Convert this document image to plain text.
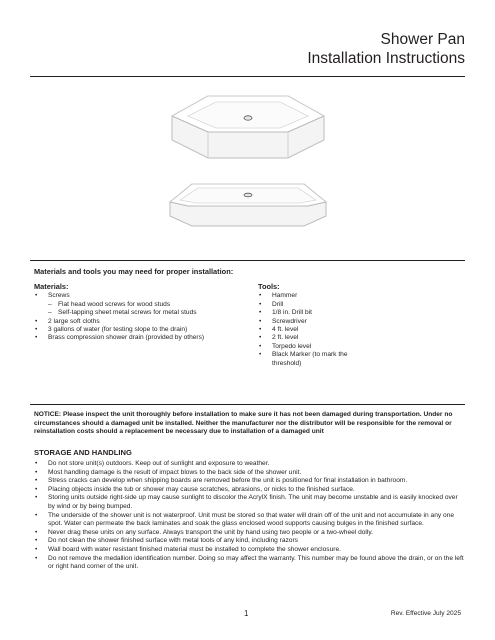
Shower Pan
Installation Instructions
Materials and tools you may need for proper installation:
Materials:
• Screws
– Flat head wood screws for wood studs
– Self-tapping sheet metal screws for metal studs
• 2 large soft cloths
• 3 gallons of water (for testing slope to the drain)
• Brass compression shower drain (provided by others)
Tools:
• Hammer
• Drill
• 1/8 in. Drill bit
• Screwdriver
• 4 ft. level
• 2 ft. level
• Torpedo level
• Black Marker (to mark the threshold)
NOTICE: Please inspect the unit thoroughly before installation to make sure it has not been damaged during transportation. Under no circumstances should a damaged unit be installed. Neither the manufacturer nor the distributor will be responsible for the removal or reinstallation costs should a replacement be necessary due to installation of a damaged unit
STORAGE AND HANDLING
• Do not store unit(s) outdoors. Keep out of sunlight and exposure to weather.
• Most handling damage is the result of impact blows to the back side of the shower unit.
• Stress cracks can develop when shipping boards are removed before the unit is positioned for final installation in bathroom.
• Placing objects inside the tub or shower may cause scratches, abrasions, or nicks to the finished surface.
• Storing units outside right-side up may cause sunlight to discolor the AcrylX finish. The unit may become unstable and is easily knocked over by wind or by being bumped.
• The underside of the shower unit is not waterproof. Unit must be stored so that water will drain off of the unit and not accumulate in any one spot. Water can permeate the back laminates and soak the glass enclosed wood supports causing bulges in the finished surface.
• Never drag these units on any surface. Always transport the unit by hand using two people or a two-wheel dolly.
• Do not clean the shower finished surface with metal tools of any kind, including razors
• Wall board with water resistant finished material must be installed to complete the shower enclosure.
• Do not remove the medallion identification number. Doing so may affect the warranty. This number may be found above the drain, or on the left or right hand corner of the unit.
1	Rev. Effective July 2025
